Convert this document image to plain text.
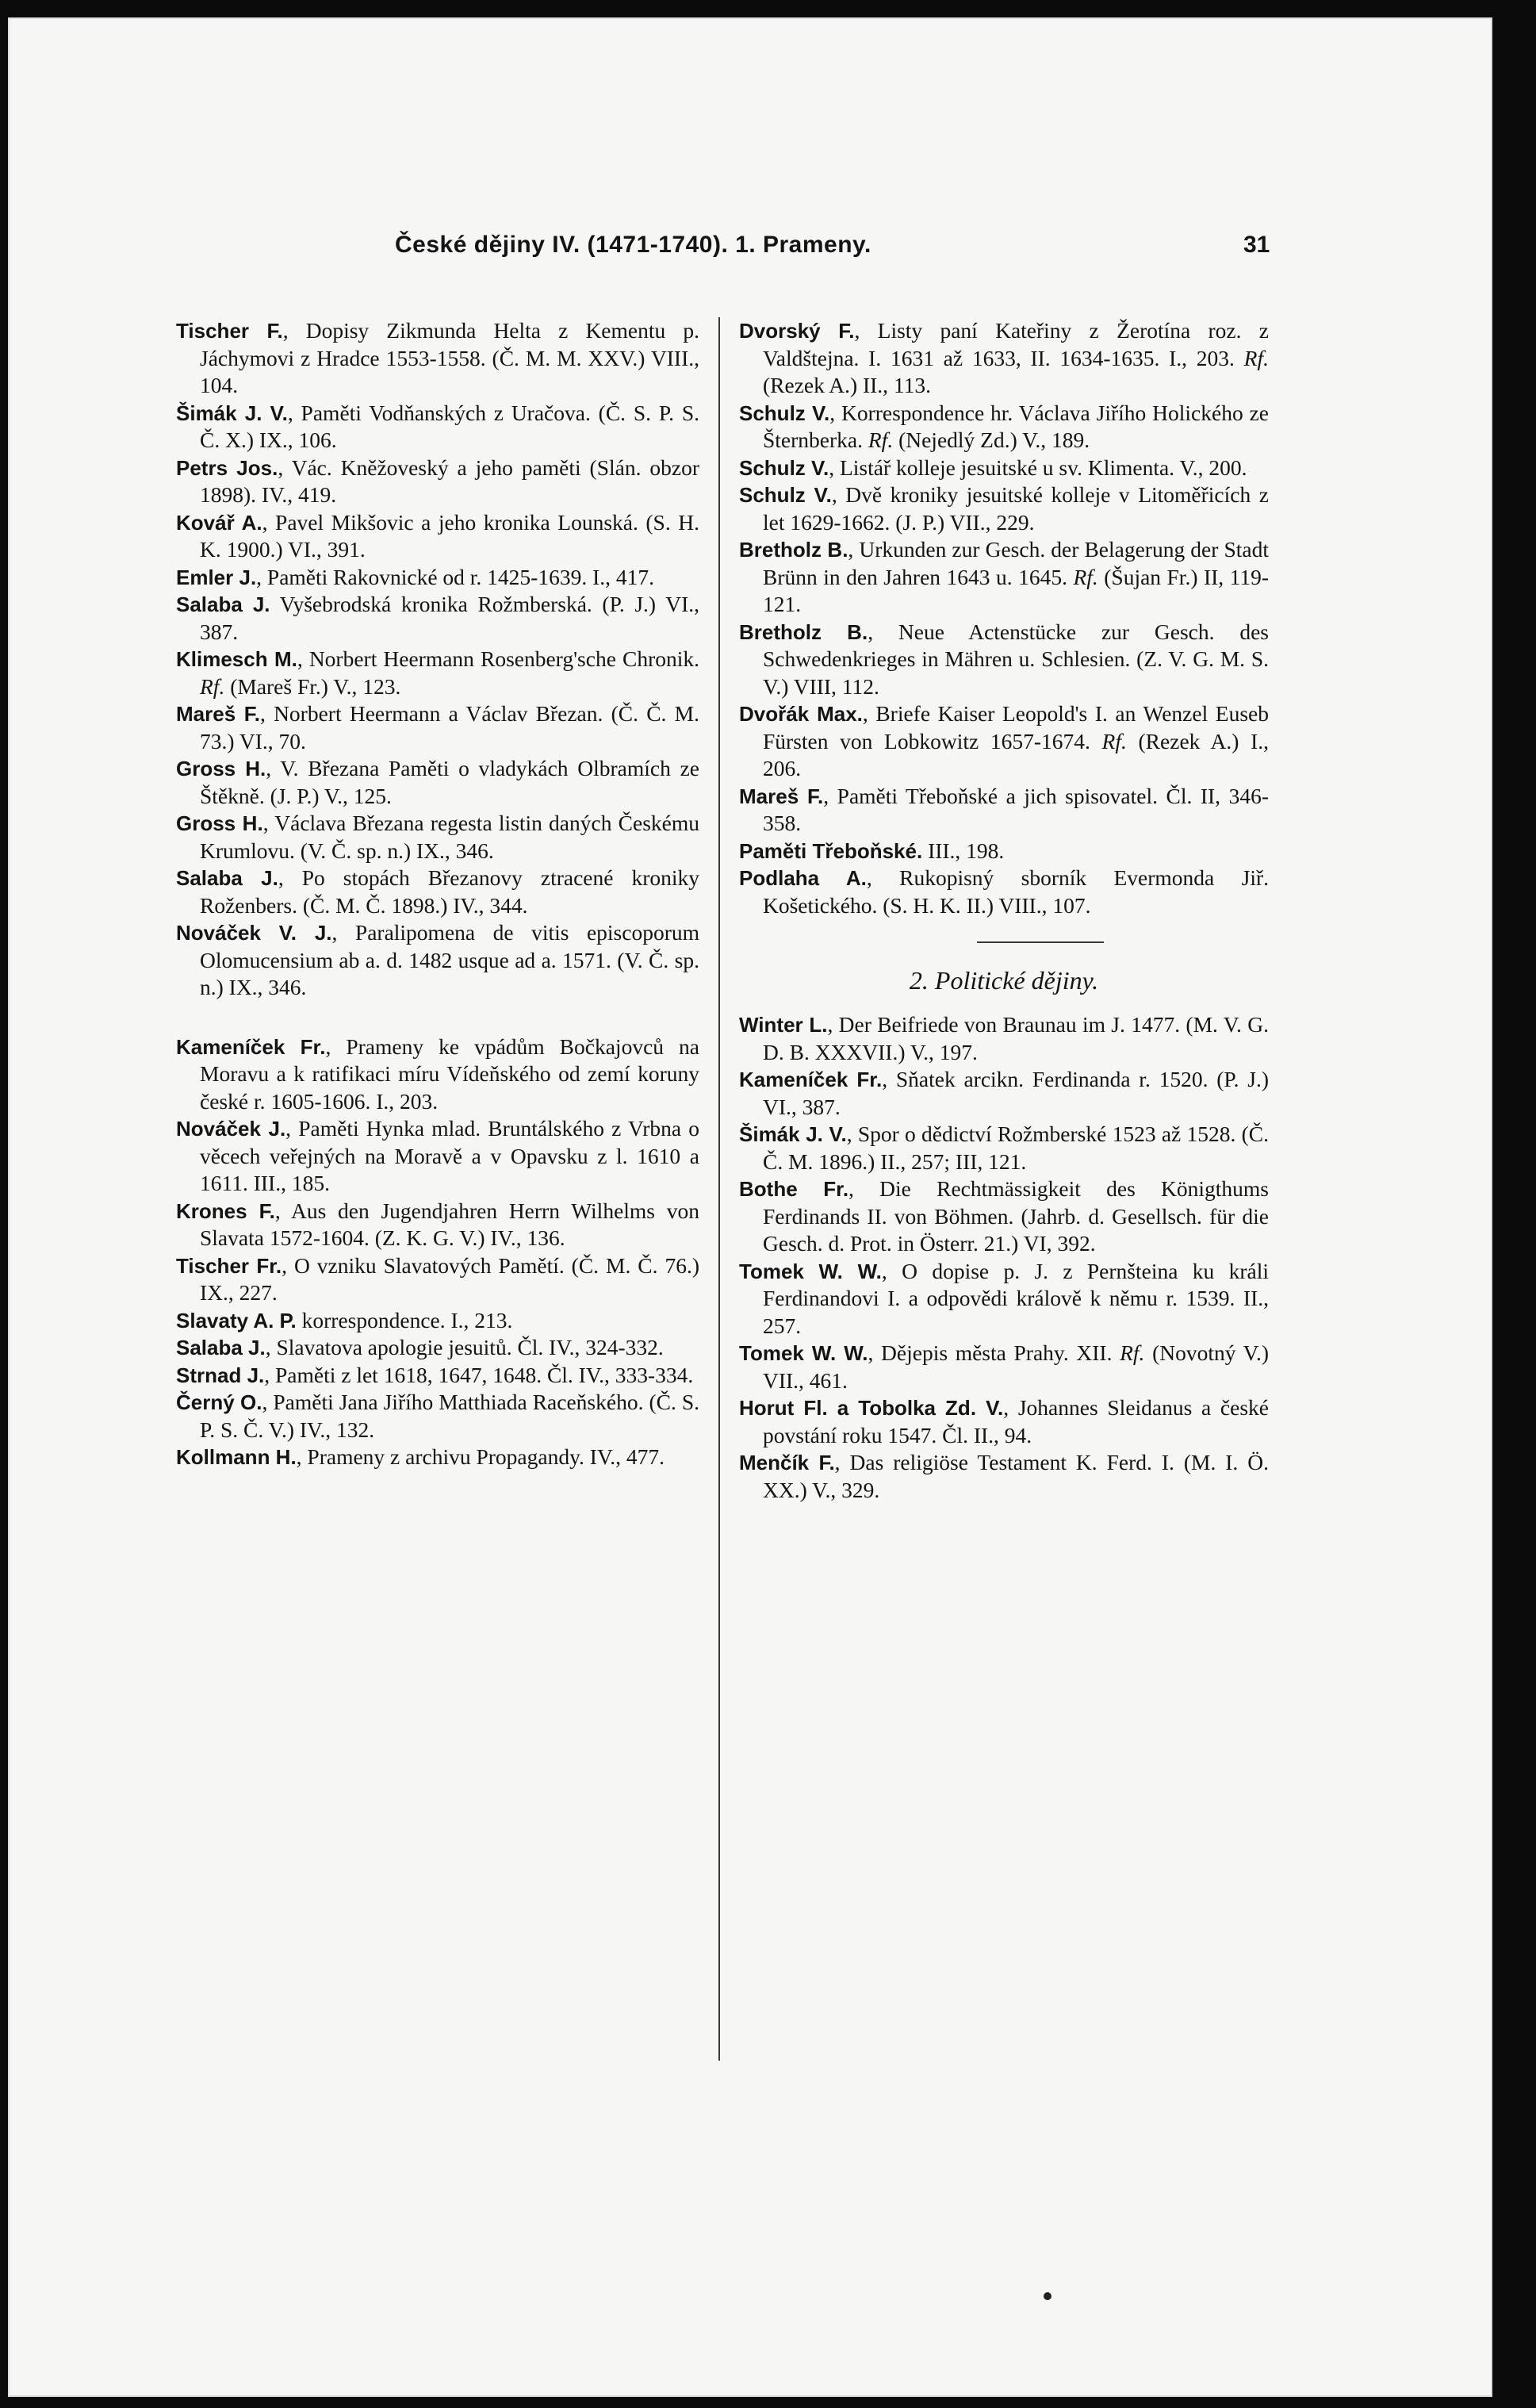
České dějiny IV. (1471-1740). 1. Prameny.	31

Tischer F., Dopisy Zikmunda Helta z Kementu p. Jáchymovi z Hradce 1553-1558. (Č. M. M. XXV.) VIII., 104.

Šimák J. V., Paměti Vodňanských z Uračova. (Č. S. P. S. Č. X.) IX., 106.

Petrs Jos., Vác. Kněžoveský a jeho paměti (Slán. obzor 1898). IV., 419.

Kovář A., Pavel Mikšovic a jeho kronika Lounská. (S. H. K. 1900.) VI., 391.

Emler J., Paměti Rakovnické od r. 1425-1639. I., 417.

Salaba J. Vyšebrodská kronika Rožmberská. (P. J.) VI., 387.

Klimesch M., Norbert Heermann Rosenberg'sche Chronik. Rf. (Mareš Fr.) V., 123.

Mareš F., Norbert Heermann a Václav Březan. (Č. Č. M. 73.) VI., 70.

Gross H., V. Březana Paměti o vladykách Olbramích ze Štěkně. (J. P.) V., 125.

Gross H., Václava Březana regesta listin daných Českému Krumlovu. (V. Č. sp. n.) IX., 346.

Salaba J., Po stopách Březanovy ztracené kroniky Roženbers. (Č. M. Č. 1898.) IV., 344.

Nováček V. J., Paralipomena de vitis episcoporum Olomucensium ab a. d. 1482 usque ad a. 1571. (V. Č. sp. n.) IX., 346.

Kameníček Fr., Prameny ke vpádům Bočkajovců na Moravu a k ratifikaci míru Vídeňského od zemí koruny české r. 1605-1606. I., 203.

Nováček J., Paměti Hynka mlad. Bruntálského z Vrbna o věcech veřejných na Moravě a v Opavsku z l. 1610 a 1611. III., 185.

Krones F., Aus den Jugendjahren Herrn Wilhelms von Slavata 1572-1604. (Z. K. G. V.) IV., 136.

Tischer Fr., O vzniku Slavatových Pamětí. (Č. M. Č. 76.) IX., 227.

Slavaty A. P. korrespondence. I., 213.

Salaba J., Slavatova apologie jesuitů. Čl. IV., 324-332.

Strnad J., Paměti z let 1618, 1647, 1648. Čl. IV., 333-334.

Černý O., Paměti Jana Jiřího Matthiada Raceňského. (Č. S. P. S. Č. V.) IV., 132.

Kollmann H., Prameny z archivu Propagandy. IV., 477.

Dvorský F., Listy paní Kateřiny z Žerotína roz. z Valdštejna. I. 1631 až 1633, II. 1634-1635. I., 203. Rf. (Rezek A.) II., 113.

Schulz V., Korrespondence hr. Václava Jiřího Holického ze Šternberka. Rf. (Nejedlý Zd.) V., 189.

Schulz V., Listář kolleje jesuitské u sv. Klimenta. V., 200.

Schulz V., Dvě kroniky jesuitské kolleje v Litoměřicích z let 1629-1662. (J. P.) VII., 229.

Bretholz B., Urkunden zur Gesch. der Belagerung der Stadt Brünn in den Jahren 1643 u. 1645. Rf. (Šujan Fr.) II, 119-121.

Bretholz B., Neue Actenstücke zur Gesch. des Schwedenkrieges in Mähren u. Schlesien. (Z. V. G. M. S. V.) VIII, 112.

Dvořák Max., Briefe Kaiser Leopold's I. an Wenzel Euseb Fürsten von Lobkowitz 1657-1674. Rf. (Rezek A.) I., 206.

Mareš F., Paměti Třeboňské a jich spisovatel. Čl. II, 346-358.

Paměti Třeboňské. III., 198.

Podlaha A., Rukopisný sborník Evermonda Jiř. Košetického. (S. H. K. II.) VIII., 107.

2. Politické dějiny.

Winter L., Der Beifriede von Braunau im J. 1477. (M. V. G. D. B. XXXVII.) V., 197.

Kameníček Fr., Sňatek arcikn. Ferdinanda r. 1520. (P. J.) VI., 387.

Šimák J. V., Spor o dědictví Rožmberské 1523 až 1528. (Č. Č. M. 1896.) II., 257; III, 121.

Bothe Fr., Die Rechtmässigkeit des Königthums Ferdinands II. von Böhmen. (Jahrb. d. Gesellsch. für die Gesch. d. Prot. in Österr. 21.) VI, 392.

Tomek W. W., O dopise p. J. z Pernšteina ku králi Ferdinandovi I. a odpovědi králově k němu r. 1539. II., 257.

Tomek W. W., Dějepis města Prahy. XII. Rf. (Novotný V.) VII., 461.

Horut Fl. a Tobolka Zd. V., Johannes Sleidanus a české povstání roku 1547. Čl. II., 94.

Menčík F., Das religiöse Testament K. Ferd. I. (M. I. Ö. XX.) V., 329.
